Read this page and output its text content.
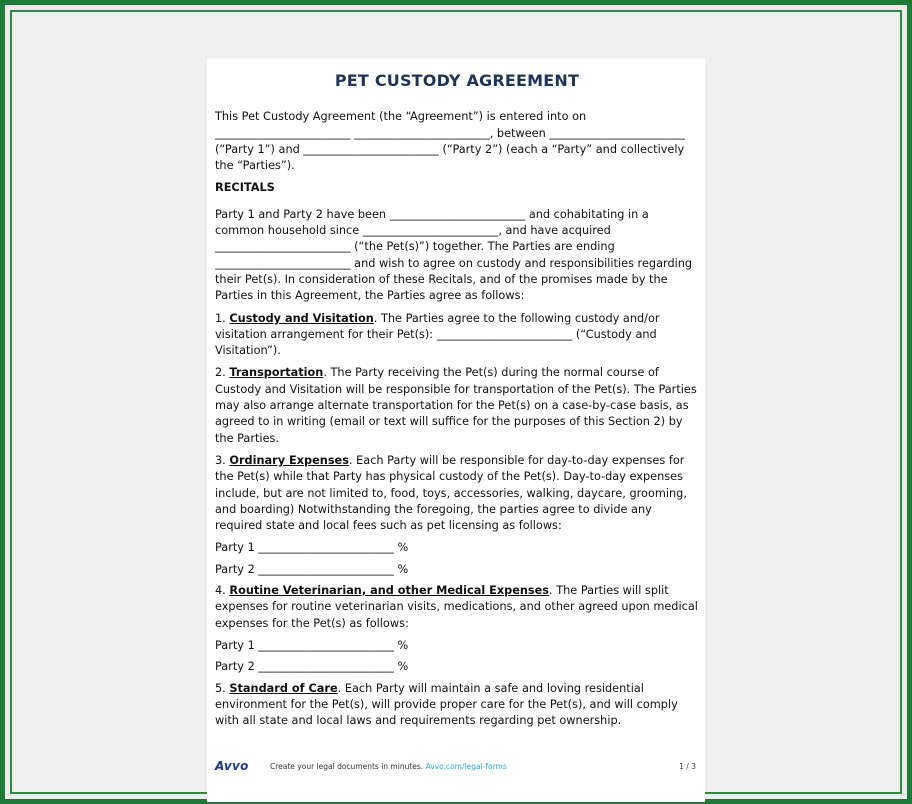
PET CUSTODY AGREEMENT

This Pet Custody Agreement (the “Agreement”) is entered into on ________________________ ________________________, between ________________________ (“Party 1”) and ________________________ (“Party 2”) (each a “Party” and collectively the “Parties”).

RECITALS

Party 1 and Party 2 have been ________________________ and cohabitating in a common household since ________________________, and have acquired ________________________ (“the Pet(s)”) together. The Parties are ending ________________________ and wish to agree on custody and responsibilities regarding their Pet(s). In consideration of these Recitals, and of the promises made by the Parties in this Agreement, the Parties agree as follows:

1. Custody and Visitation. The Parties agree to the following custody and/or visitation arrangement for their Pet(s): ________________________ (“Custody and Visitation”).

2. Transportation. The Party receiving the Pet(s) during the normal course of Custody and Visitation will be responsible for transportation of the Pet(s). The Parties may also arrange alternate transportation for the Pet(s) on a case-by-case basis, as agreed to in writing (email or text will suffice for the purposes of this Section 2) by the Parties.

3. Ordinary Expenses. Each Party will be responsible for day-to-day expenses for the Pet(s) while that Party has physical custody of the Pet(s). Day-to-day expenses include, but are not limited to, food, toys, accessories, walking, daycare, grooming, and boarding) Notwithstanding the foregoing, the parties agree to divide any required state and local fees such as pet licensing as follows:

Party 1 ________________________ %

Party 2 ________________________ %

4. Routine Veterinarian, and other Medical Expenses. The Parties will split expenses for routine veterinarian visits, medications, and other agreed upon medical expenses for the Pet(s) as follows:

Party 1 ________________________ %

Party 2 ________________________ %

5. Standard of Care. Each Party will maintain a safe and loving residential environment for the Pet(s), will provide proper care for the Pet(s), and will comply with all state and local laws and requirements regarding pet ownership.

Avvo	Create your legal documents in minutes. Avvo.com/legal-forms	1 / 3
